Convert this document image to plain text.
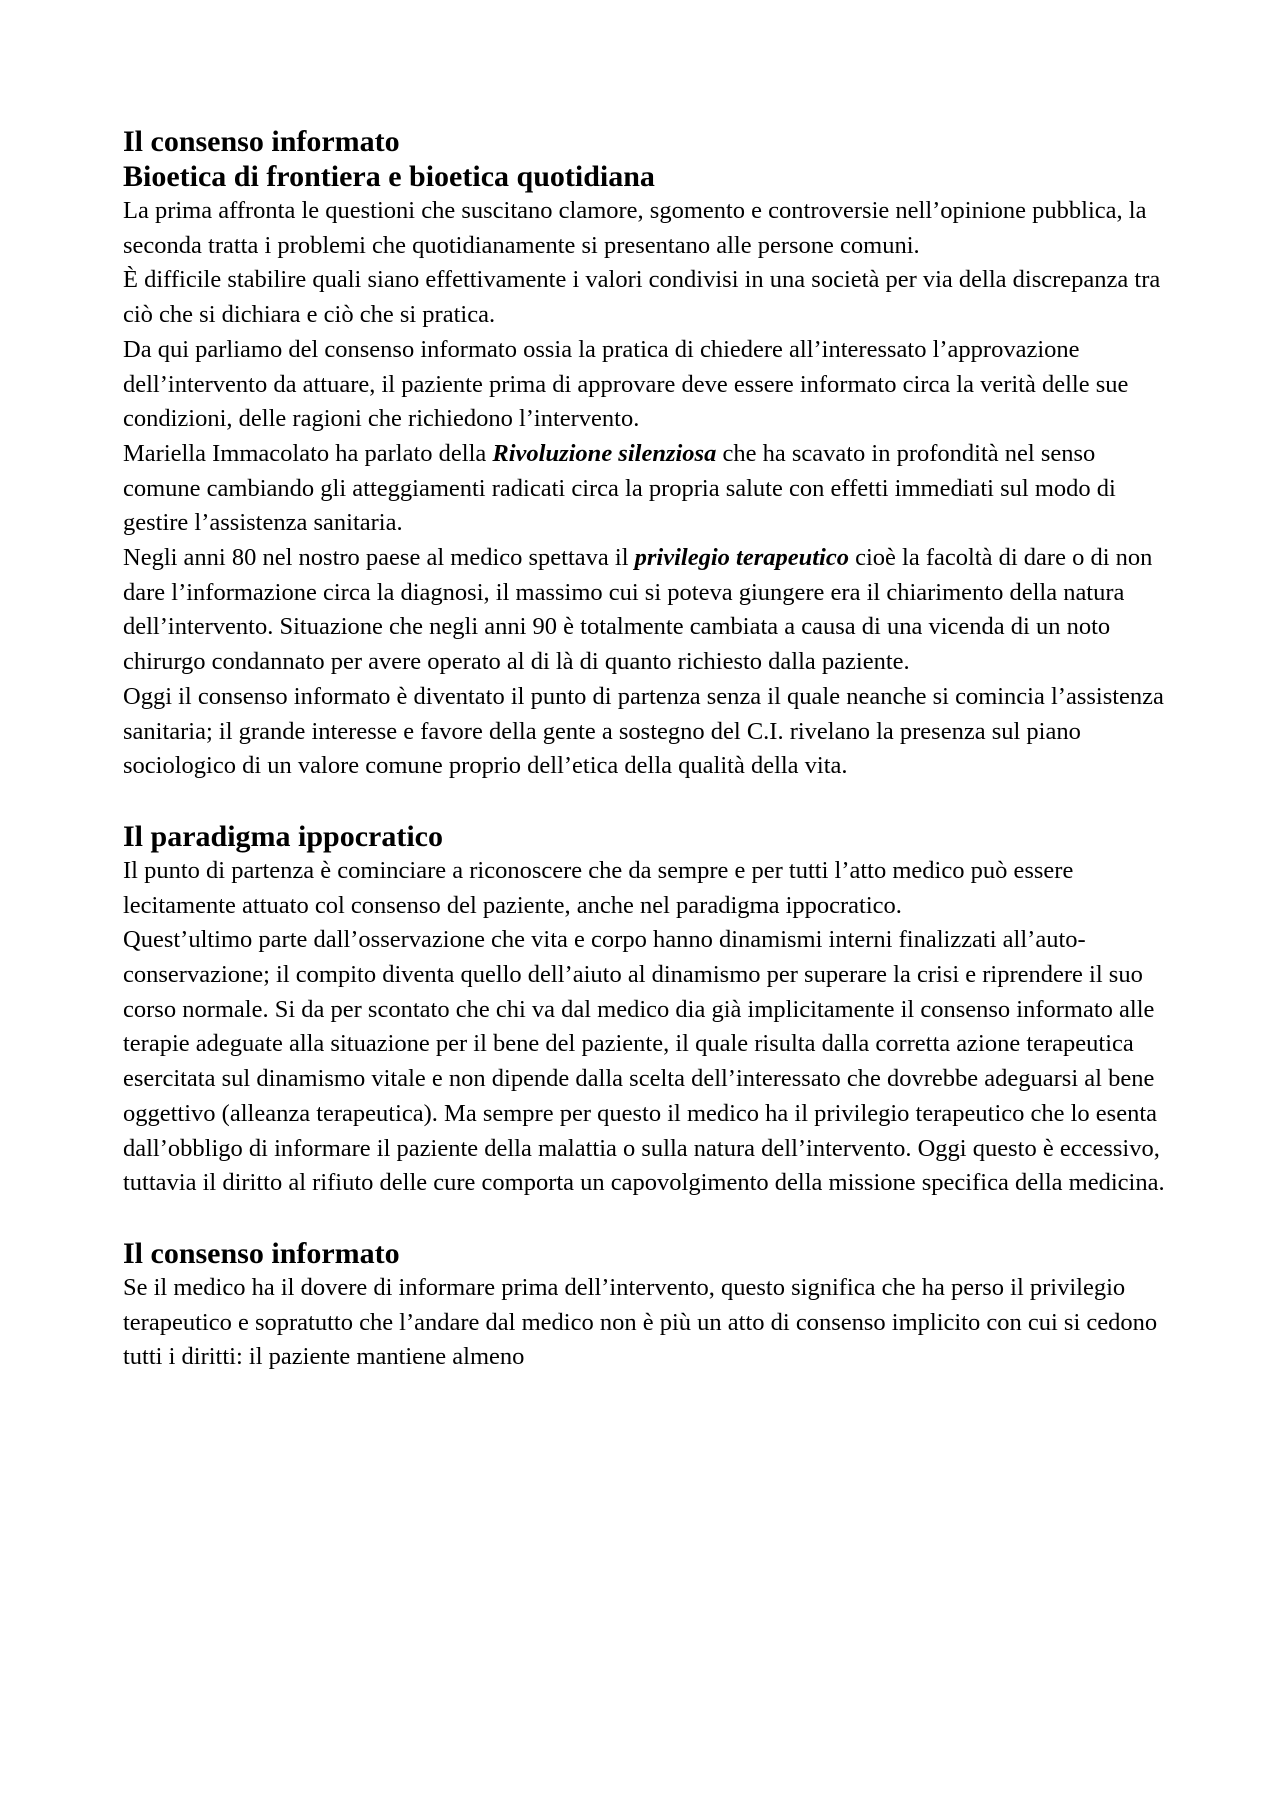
Il consenso informato
Bioetica di frontiera e bioetica quotidiana

La prima affronta le questioni che suscitano clamore, sgomento e controversie nell’opinione pubblica, la seconda tratta i problemi che quotidianamente si presentano alle persone comuni.

È difficile stabilire quali siano effettivamente i valori condivisi in una società per via della discrepanza tra ciò che si dichiara e ciò che si pratica.

Da qui parliamo del consenso informato ossia la pratica di chiedere all’interessato l’approvazione dell’intervento da attuare, il paziente prima di approvare deve essere informato circa la verità delle sue condizioni, delle ragioni che richiedono l’intervento.

Mariella Immacolato ha parlato della Rivoluzione silenziosa che ha scavato in profondità nel senso comune cambiando gli atteggiamenti radicati circa la propria salute con effetti immediati sul modo di gestire l’assistenza sanitaria.

Negli anni 80 nel nostro paese al medico spettava il privilegio terapeutico cioè la facoltà di dare o di non dare l’informazione circa la diagnosi, il massimo cui si poteva giungere era il chiarimento della natura dell’intervento. Situazione che negli anni 90 è totalmente cambiata a causa di una vicenda di un noto chirurgo condannato per avere operato al di là di quanto richiesto dalla paziente.

Oggi il consenso informato è diventato il punto di partenza senza il quale neanche si comincia l’assistenza sanitaria; il grande interesse e favore della gente a sostegno del C.I. rivelano la presenza sul piano sociologico di un valore comune proprio dell’etica della qualità della vita.

Il paradigma ippocratico

Il punto di partenza è cominciare a riconoscere che da sempre e per tutti l’atto medico può essere lecitamente attuato col consenso del paziente, anche nel paradigma ippocratico.

Quest’ultimo parte dall’osservazione che vita e corpo hanno dinamismi interni finalizzati all’auto-conservazione; il compito diventa quello dell’aiuto al dinamismo per superare la crisi e riprendere il suo corso normale. Si da per scontato che chi va dal medico dia già implicitamente il consenso informato alle terapie adeguate alla situazione per il bene del paziente, il quale risulta dalla corretta azione terapeutica esercitata sul dinamismo vitale e non dipende dalla scelta dell’interessato che dovrebbe adeguarsi al bene oggettivo (alleanza terapeutica). Ma sempre per questo il medico ha il privilegio terapeutico che lo esenta dall’obbligo di informare il paziente della malattia o sulla natura dell’intervento. Oggi questo è eccessivo, tuttavia il diritto al rifiuto delle cure comporta un capovolgimento della missione specifica della medicina.

Il consenso informato

Se il medico ha il dovere di informare prima dell’intervento, questo significa che ha perso il privilegio terapeutico e sopratutto che l’andare dal medico non è più un atto di consenso implicito con cui si cedono tutti i diritti: il paziente mantiene almeno
